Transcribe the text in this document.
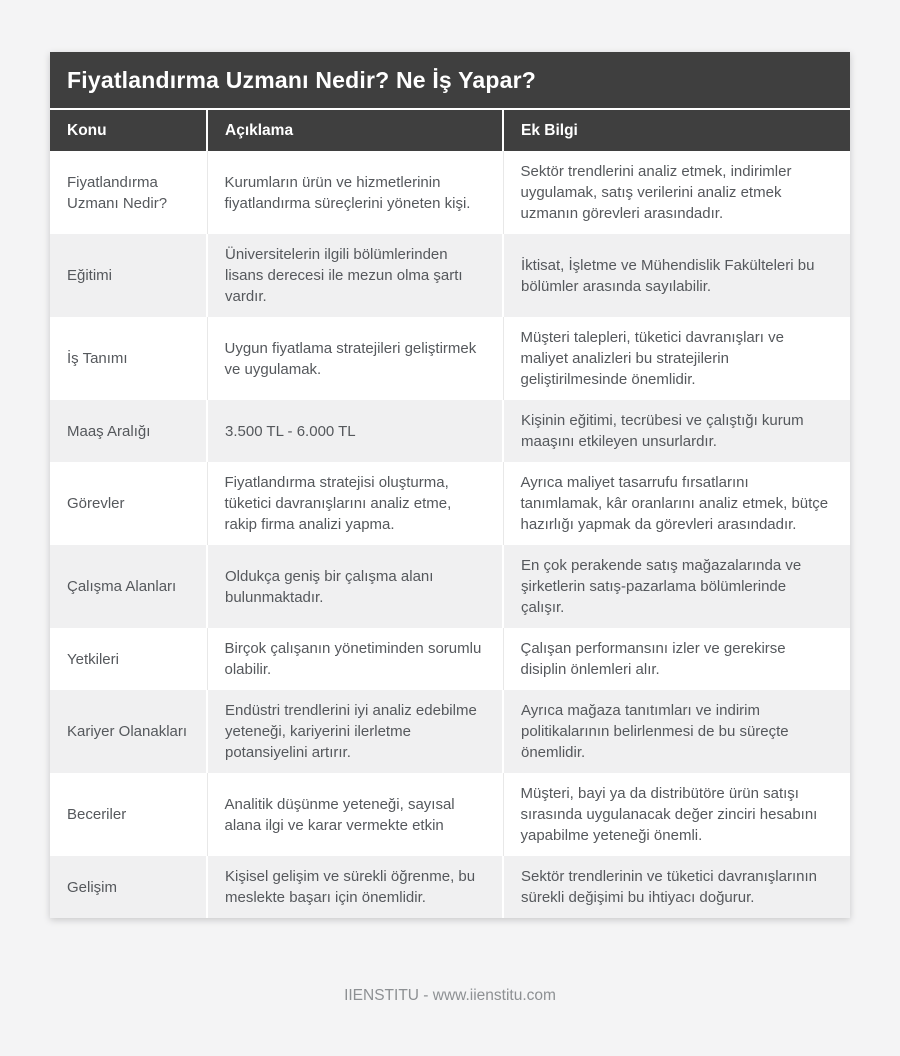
Fiyatlandırma Uzmanı Nedir? Ne İş Yapar?
Konu	Açıklama	Ek Bilgi
Fiyatlandırma Uzmanı Nedir?	Kurumların ürün ve hizmetlerinin fiyatlandırma süreçlerini yöneten kişi.	Sektör trendlerini analiz etmek, indirimler uygulamak, satış verilerini analiz etmek uzmanın görevleri arasındadır.
Eğitimi	Üniversitelerin ilgili bölümlerinden lisans derecesi ile mezun olma şartı vardır.	İktisat, İşletme ve Mühendislik Fakülteleri bu bölümler arasında sayılabilir.
İş Tanımı	Uygun fiyatlama stratejileri geliştirmek ve uygulamak.	Müşteri talepleri, tüketici davranışları ve maliyet analizleri bu stratejilerin geliştirilmesinde önemlidir.
Maaş Aralığı	3.500 TL - 6.000 TL	Kişinin eğitimi, tecrübesi ve çalıştığı kurum maaşını etkileyen unsurlardır.
Görevler	Fiyatlandırma stratejisi oluşturma, tüketici davranışlarını analiz etme, rakip firma analizi yapma.	Ayrıca maliyet tasarrufu fırsatlarını tanımlamak, kâr oranlarını analiz etmek, bütçe hazırlığı yapmak da görevleri arasındadır.
Çalışma Alanları	Oldukça geniş bir çalışma alanı bulunmaktadır.	En çok perakende satış mağazalarında ve şirketlerin satış-pazarlama bölümlerinde çalışır.
Yetkileri	Birçok çalışanın yönetiminden sorumlu olabilir.	Çalışan performansını izler ve gerekirse disiplin önlemleri alır.
Kariyer Olanakları	Endüstri trendlerini iyi analiz edebilme yeteneği, kariyerini ilerletme potansiyelini artırır.	Ayrıca mağaza tanıtımları ve indirim politikalarının belirlenmesi de bu süreçte önemlidir.
Beceriler	Analitik düşünme yeteneği, sayısal alana ilgi ve karar vermekte etkin	Müşteri, bayi ya da distribütöre ürün satışı sırasında uygulanacak değer zinciri hesabını yapabilme yeteneği önemli.
Gelişim	Kişisel gelişim ve sürekli öğrenme, bu meslekte başarı için önemlidir.	Sektör trendlerinin ve tüketici davranışlarının sürekli değişimi bu ihtiyacı doğurur.
IIENSTITU - www.iienstitu.com
